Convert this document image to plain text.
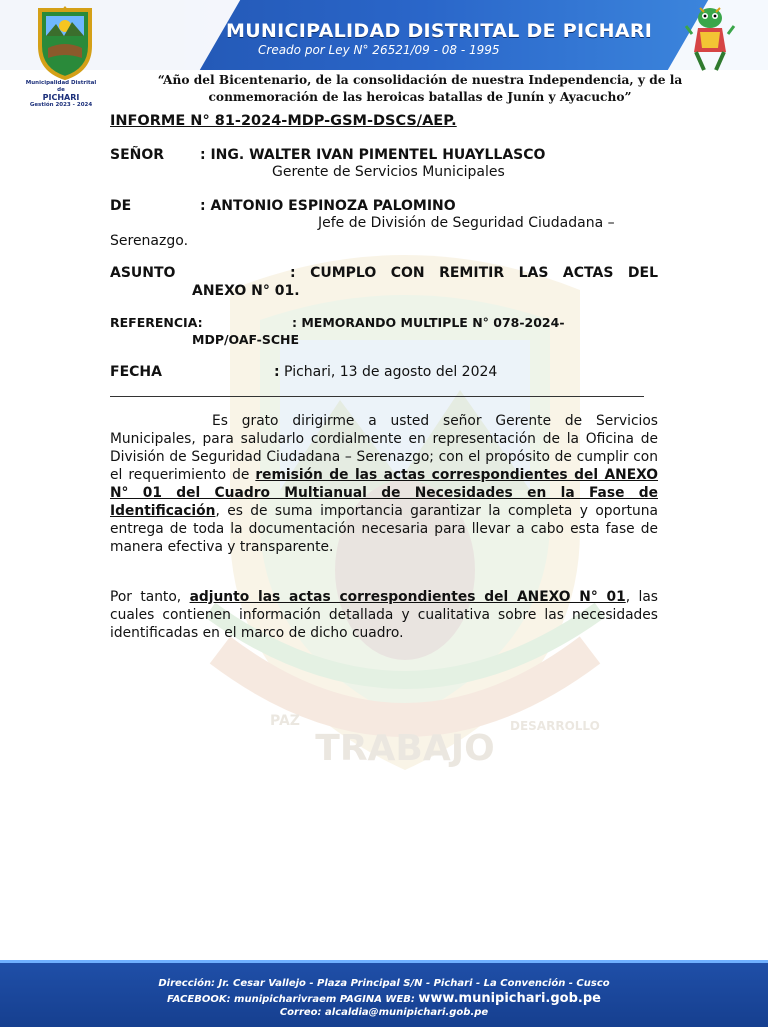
MUNICIPALIDAD DISTRITAL DE PICHARI
Creado por Ley N° 26521/09 - 08 - 1995
Municipalidad Distrital de
PICHARI
Gestión 2023 - 2024
“Año del Bicentenario, de la consolidación de nuestra Independencia, y de la
conmemoración de las heroicas batallas de Junín y Ayacucho”
TRABAJO
PAZ	DESARROLLO
INFORME N° 81-2024-MDP-GSM-DSCS/AEP.
SEÑOR	: ING. WALTER IVAN PIMENTEL HUAYLLASCO
Gerente de Servicios Municipales
DE	: ANTONIO ESPINOZA PALOMINO
Jefe de División de Seguridad Ciudadana –
Serenazgo.
ASUNTO	: CUMPLO CON REMITIR LAS ACTAS DEL
ANEXO N° 01.
REFERENCIA:	: MEMORANDO MULTIPLE N° 078-2024-
MDP/OAF-SCHE
FECHA	: Pichari, 13 de agosto del 2024
Es grato dirigirme a usted señor Gerente de Servicios Municipales, para saludarlo cordialmente en representación de la Oficina de División de Seguridad Ciudadana – Serenazgo; con el propósito de cumplir con el requerimiento de remisión de las actas correspondientes del ANEXO N° 01 del Cuadro Multianual de Necesidades en la Fase de Identificación, es de suma importancia garantizar la completa y oportuna entrega de toda la documentación necesaria para llevar a cabo esta fase de manera efectiva y transparente.
Por tanto, adjunto las actas correspondientes del ANEXO N° 01, las cuales contienen información detallada y cualitativa sobre las necesidades identificadas en el marco de dicho cuadro.
Dirección: Jr. Cesar Vallejo - Plaza Principal S/N - Pichari - La Convención - Cusco
FACEBOOK: munipicharivraem PAGINA WEB: www.munipichari.gob.pe
Correo: alcaldia@munipichari.gob.pe
